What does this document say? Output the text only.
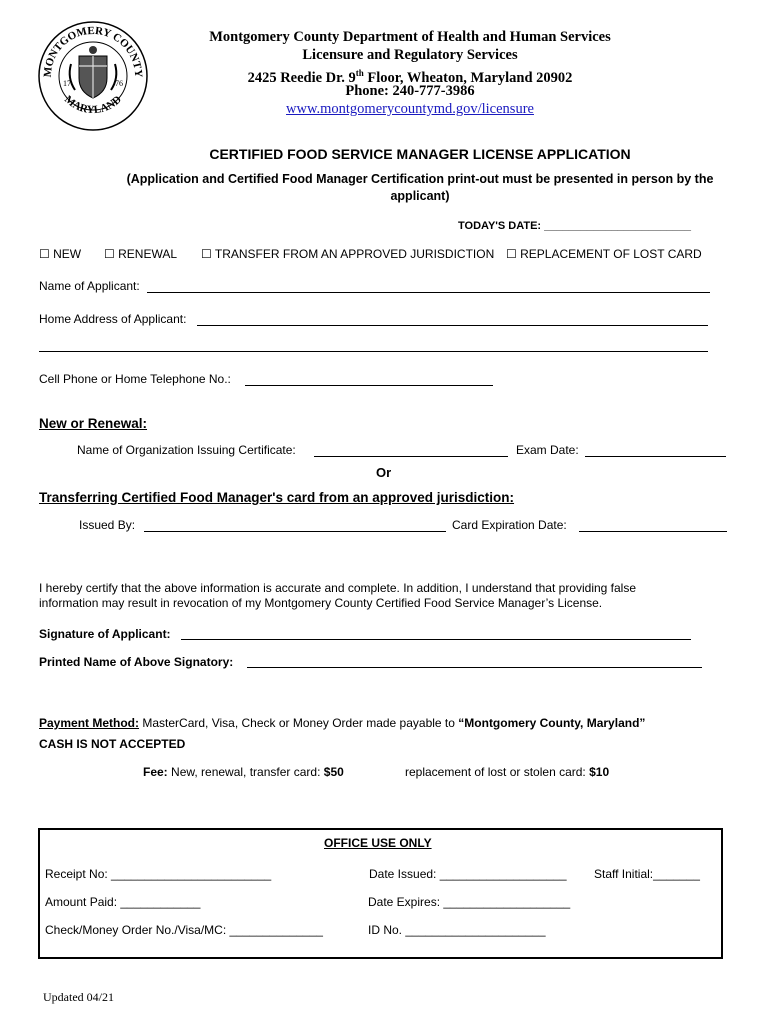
MONTGOMERY COUNTY
MARYLAND
17	76
Montgomery County Department of Health and Human Services
Licensure and Regulatory Services
2425 Reedie Dr. 9th Floor, Wheaton, Maryland 20902
Phone: 240-777-3986
www.montgomerycountymd.gov/licensure
CERTIFIED FOOD SERVICE MANAGER LICENSE APPLICATION
(Application and Certified Food Manager Certification print-out must be presented in person by the applicant)
TODAY'S DATE: ________________________
☐ NEW ☐ RENEWAL ☐ TRANSFER FROM AN APPROVED JURISDICTION ☐ REPLACEMENT OF LOST CARD
Name of Applicant:
Home Address of Applicant:
Cell Phone or Home Telephone No.:
New or Renewal:
Name of Organization Issuing Certificate:	Exam Date:
Or
Transferring Certified Food Manager's card from an approved jurisdiction:
Issued By:	Card Expiration Date:
I hereby certify that the above information is accurate and complete. In addition, I understand that providing false information may result in revocation of my Montgomery County Certified Food Service Manager’s License.
Signature of Applicant:
Printed Name of Above Signatory:
Payment Method: MasterCard, Visa, Check or Money Order made payable to “Montgomery County, Maryland”
CASH IS NOT ACCEPTED
Fee: New, renewal, transfer card: $50	replacement of lost or stolen card: $10
OFFICE USE ONLY
Receipt No: ________________________	Date Issued: ___________________ Staff Initial:_______
Amount Paid: ____________	Date Expires: ___________________
Check/Money Order No./Visa/MC: ______________	ID No. _____________________
Updated 04/21
